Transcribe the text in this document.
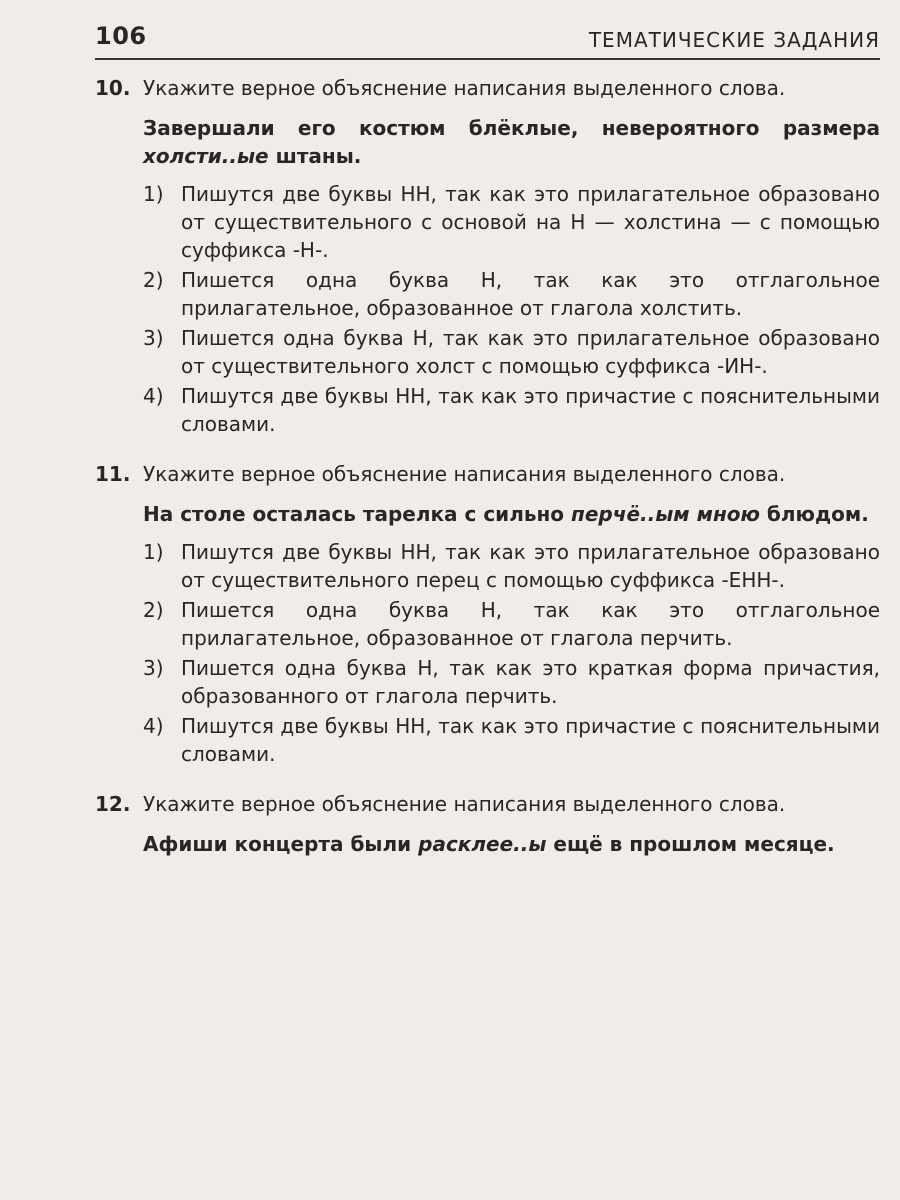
106	ТЕМАТИЧЕСКИЕ ЗАДАНИЯ
10. Укажите верное объяснение написания выделенного слова.
Завершали его костюм блёклые, невероятного размера холсти..ые штаны.
1) Пишутся две буквы НН, так как это прилагательное образовано от существительного с основой на Н — холстина — с помощью суффикса -Н-.
2) Пишется одна буква Н, так как это отглагольное прилагательное, образованное от глагола холстить.
3) Пишется одна буква Н, так как это прилагательное образовано от существительного холст с помощью суффикса -ИН-.
4) Пишутся две буквы НН, так как это причастие с пояснительными словами.
11. Укажите верное объяснение написания выделенного слова.
На столе осталась тарелка с сильно перчё..ым мною блюдом.
1) Пишутся две буквы НН, так как это прилагательное образовано от существительного перец с помощью суффикса -ЕНН-.
2) Пишется одна буква Н, так как это отглагольное прилагательное, образованное от глагола перчить.
3) Пишется одна буква Н, так как это краткая форма причастия, образованного от глагола перчить.
4) Пишутся две буквы НН, так как это причастие с пояснительными словами.
12. Укажите верное объяснение написания выделенного слова.
Афиши концерта были расклее..ы ещё в прошлом месяце.
